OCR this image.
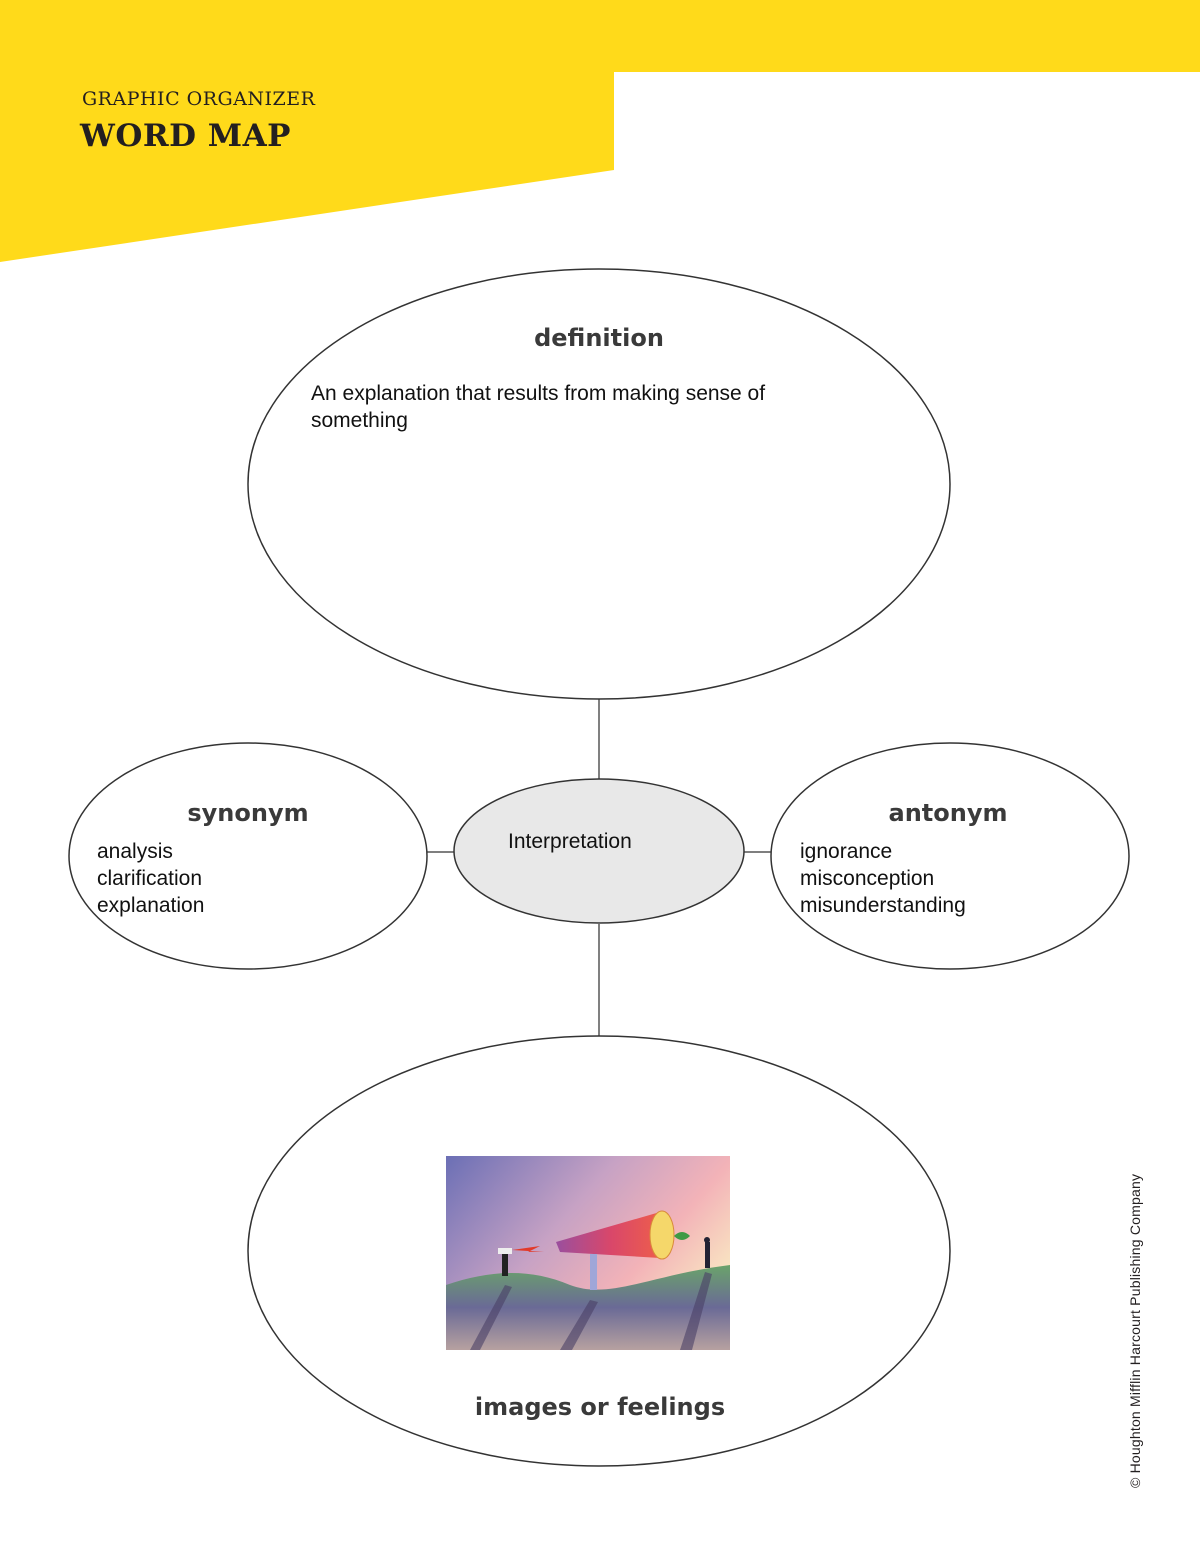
GRAPHIC ORGANIZER
WORD MAP
definition
An explanation that results from making sense of something
synonym
analysis
clarification
explanation
Interpretation
antonym
ignorance
misconception
misunderstanding
images or feelings	© Houghton Mifflin Harcourt Publishing Company
